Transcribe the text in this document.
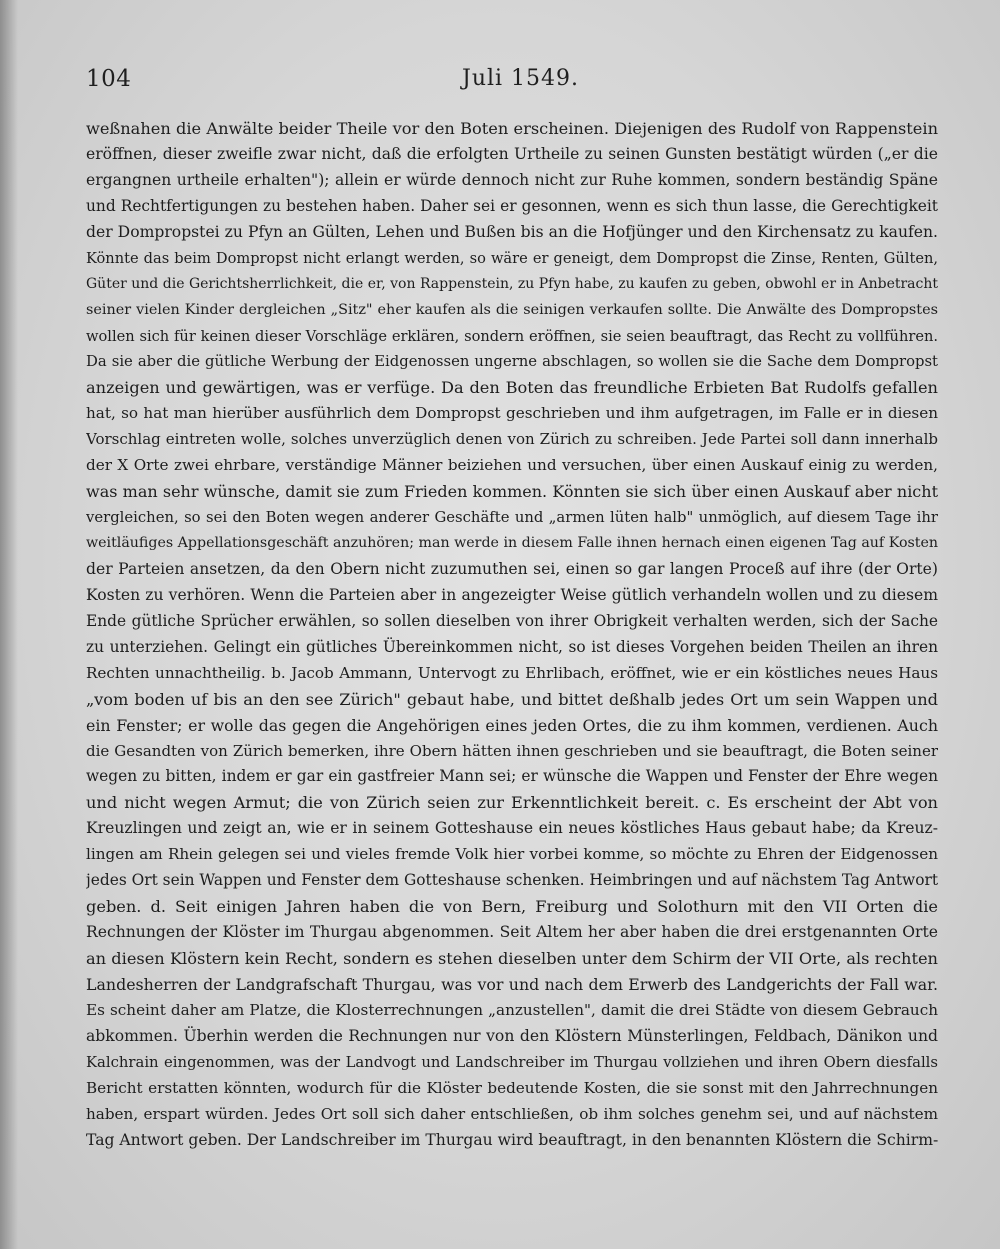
104	Juli 1549.
weßnahen die Anwälte beider Theile vor den Boten erscheinen. Diejenigen des Rudolf von Rappenstein
eröffnen, dieser zweifle zwar nicht, daß die erfolgten Urtheile zu seinen Gunsten bestätigt würden („er die
ergangnen urtheile erhalten"); allein er würde dennoch nicht zur Ruhe kommen, sondern beständig Späne
und Rechtfertigungen zu bestehen haben. Daher sei er gesonnen, wenn es sich thun lasse, die Gerechtigkeit
der Dompropstei zu Pfyn an Gülten, Lehen und Bußen bis an die Hofjünger und den Kirchensatz zu kaufen.
Könnte das beim Dompropst nicht erlangt werden, so wäre er geneigt, dem Dompropst die Zinse, Renten, Gülten,
Güter und die Gerichtsherrlichkeit, die er, von Rappenstein, zu Pfyn habe, zu kaufen zu geben, obwohl er in Anbetracht
seiner vielen Kinder dergleichen „Sitz" eher kaufen als die seinigen verkaufen sollte. Die Anwälte des Dompropstes
wollen sich für keinen dieser Vorschläge erklären, sondern eröffnen, sie seien beauftragt, das Recht zu vollführen.
Da sie aber die gütliche Werbung der Eidgenossen ungerne abschlagen, so wollen sie die Sache dem Dompropst
anzeigen und gewärtigen, was er verfüge. Da den Boten das freundliche Erbieten Bat Rudolfs gefallen
hat, so hat man hierüber ausführlich dem Dompropst geschrieben und ihm aufgetragen, im Falle er in diesen
Vorschlag eintreten wolle, solches unverzüglich denen von Zürich zu schreiben. Jede Partei soll dann innerhalb
der X Orte zwei ehrbare, verständige Männer beiziehen und versuchen, über einen Auskauf einig zu werden,
was man sehr wünsche, damit sie zum Frieden kommen. Könnten sie sich über einen Auskauf aber nicht
vergleichen, so sei den Boten wegen anderer Geschäfte und „armen lüten halb" unmöglich, auf diesem Tage ihr
weitläufiges Appellationsgeschäft anzuhören; man werde in diesem Falle ihnen hernach einen eigenen Tag auf Kosten
der Parteien ansetzen, da den Obern nicht zuzumuthen sei, einen so gar langen Proceß auf ihre (der Orte)
Kosten zu verhören. Wenn die Parteien aber in angezeigter Weise gütlich verhandeln wollen und zu diesem
Ende gütliche Sprücher erwählen, so sollen dieselben von ihrer Obrigkeit verhalten werden, sich der Sache
zu unterziehen. Gelingt ein gütliches Übereinkommen nicht, so ist dieses Vorgehen beiden Theilen an ihren
Rechten unnachtheilig. b. Jacob Ammann, Untervogt zu Ehrlibach, eröffnet, wie er ein köstliches neues Haus
„vom boden uf bis an den see Zürich" gebaut habe, und bittet deßhalb jedes Ort um sein Wappen und
ein Fenster; er wolle das gegen die Angehörigen eines jeden Ortes, die zu ihm kommen, verdienen. Auch
die Gesandten von Zürich bemerken, ihre Obern hätten ihnen geschrieben und sie beauftragt, die Boten seiner
wegen zu bitten, indem er gar ein gastfreier Mann sei; er wünsche die Wappen und Fenster der Ehre wegen
und nicht wegen Armut; die von Zürich seien zur Erkenntlichkeit bereit. c. Es erscheint der Abt von
Kreuzlingen und zeigt an, wie er in seinem Gotteshause ein neues köstliches Haus gebaut habe; da Kreuz-
lingen am Rhein gelegen sei und vieles fremde Volk hier vorbei komme, so möchte zu Ehren der Eidgenossen
jedes Ort sein Wappen und Fenster dem Gotteshause schenken. Heimbringen und auf nächstem Tag Antwort
geben. d. Seit einigen Jahren haben die von Bern, Freiburg und Solothurn mit den VII Orten die
Rechnungen der Klöster im Thurgau abgenommen. Seit Altem her aber haben die drei erstgenannten Orte
an diesen Klöstern kein Recht, sondern es stehen dieselben unter dem Schirm der VII Orte, als rechten
Landesherren der Landgrafschaft Thurgau, was vor und nach dem Erwerb des Landgerichts der Fall war.
Es scheint daher am Platze, die Klosterrechnungen „anzustellen", damit die drei Städte von diesem Gebrauch
abkommen. Überhin werden die Rechnungen nur von den Klöstern Münsterlingen, Feldbach, Dänikon und
Kalchrain eingenommen, was der Landvogt und Landschreiber im Thurgau vollziehen und ihren Obern diesfalls
Bericht erstatten könnten, wodurch für die Klöster bedeutende Kosten, die sie sonst mit den Jahrrechnungen
haben, erspart würden. Jedes Ort soll sich daher entschließen, ob ihm solches genehm sei, und auf nächstem
Tag Antwort geben. Der Landschreiber im Thurgau wird beauftragt, in den benannten Klöstern die Schirm-
